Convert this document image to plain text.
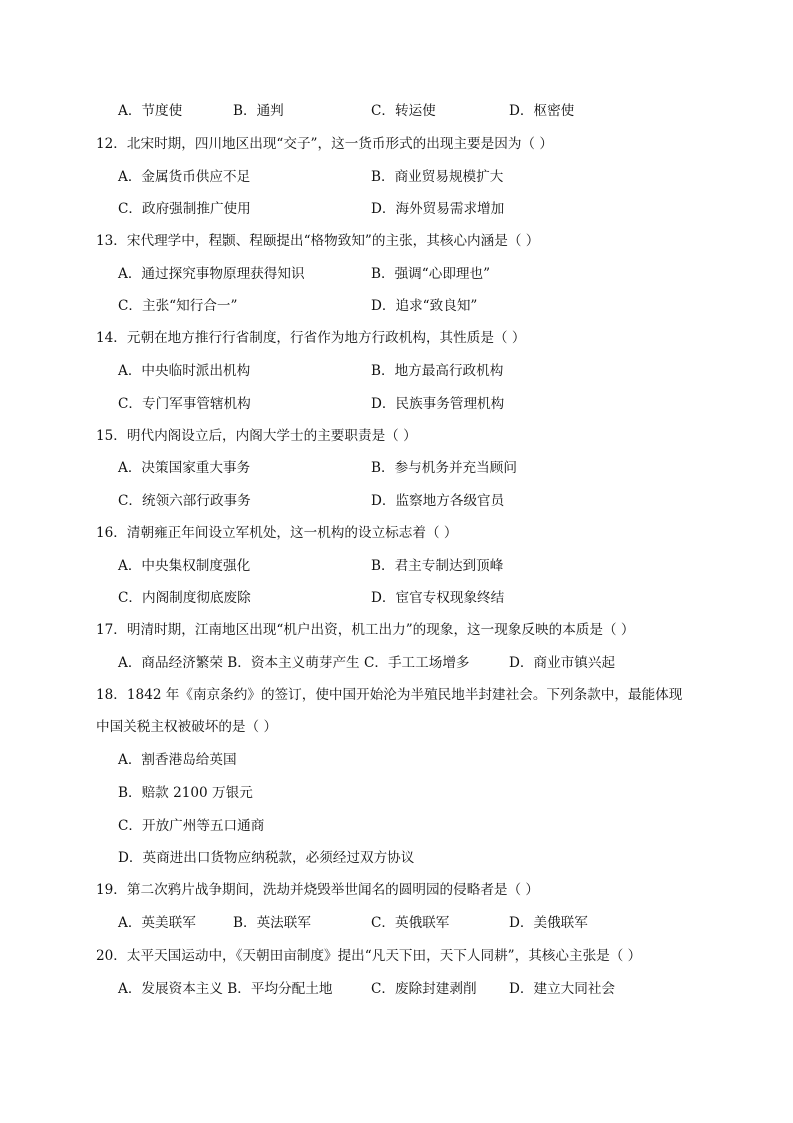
A．节度使	B．通判	C．转运使	D．枢密使
12．北宋时期，四川地区出现“交子”，这一货币形式的出现主要是因为（ ）
A．金属货币供应不足	B．商业贸易规模扩大
C．政府强制推广使用	D．海外贸易需求增加
13．宋代理学中，程颢、程颐提出“格物致知”的主张，其核心内涵是（ ）
A．通过探究事物原理获得知识	B．强调“心即理也”
C．主张“知行合一”	D．追求“致良知”
14．元朝在地方推行行省制度，行省作为地方行政机构，其性质是（ ）
A．中央临时派出机构	B．地方最高行政机构
C．专门军事管辖机构	D．民族事务管理机构
15．明代内阁设立后，内阁大学士的主要职责是（ ）
A．决策国家重大事务	B．参与机务并充当顾问
C．统领六部行政事务	D．监察地方各级官员
16．清朝雍正年间设立军机处，这一机构的设立标志着（ ）
A．中央集权制度强化	B．君主专制达到顶峰
C．内阁制度彻底废除	D．宦官专权现象终结
17．明清时期，江南地区出现“机户出资，机工出力”的现象，这一现象反映的本质是（ ）
A．商品经济繁荣 B．资本主义萌芽产生 C．手工工场增多	D．商业市镇兴起
18．1842 年《南京条约》的签订，使中国开始沦为半殖民地半封建社会。下列条款中，最能体现
中国关税主权被破坏的是（ ）
A．割香港岛给英国
B．赔款 2100 万银元
C．开放广州等五口通商
D．英商进出口货物应纳税款，必须经过双方协议
19．第二次鸦片战争期间，洗劫并烧毁举世闻名的圆明园的侵略者是（ ）
A．英美联军	B．英法联军	C．英俄联军	D．美俄联军
20．太平天国运动中，《天朝田亩制度》提出“凡天下田，天下人同耕”，其核心主张是（ ）
A．发展资本主义 B．平均分配土地	C．废除封建剥削 D．建立大同社会
